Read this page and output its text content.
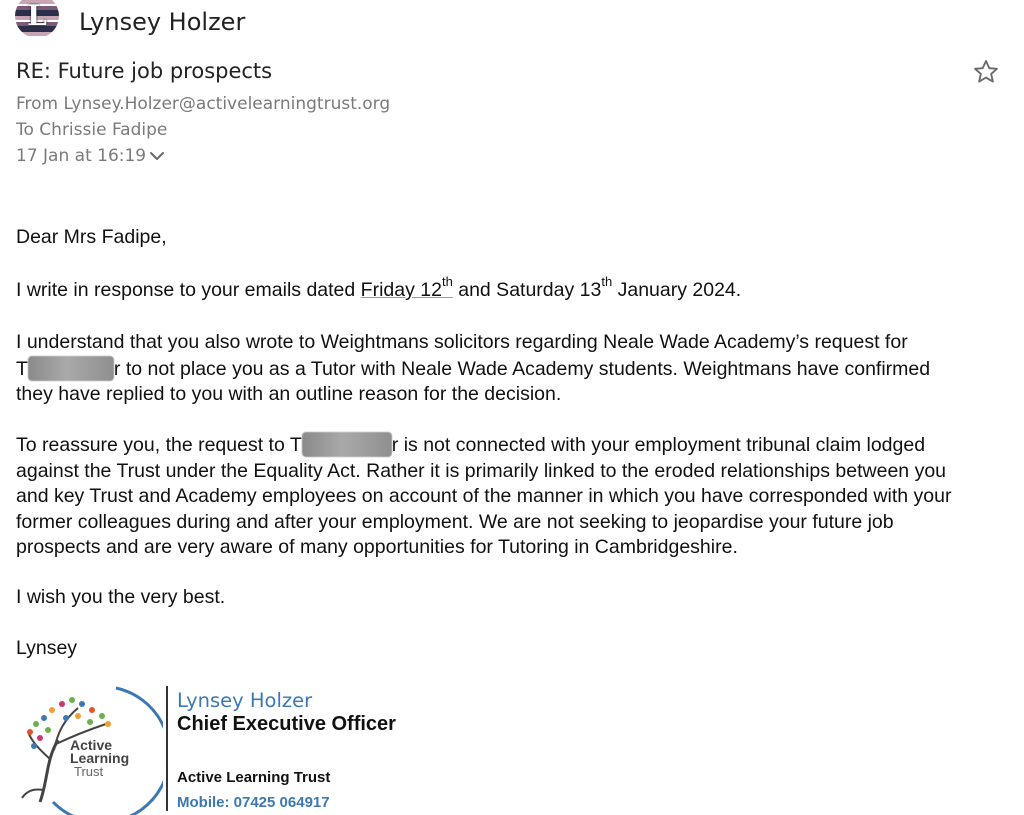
L Lynsey Holzer
RE: Future job prospects
From Lynsey.Holzer@activelearningtrust.org
To Chrissie Fadipe
17 Jan at 16:19
Dear Mrs Fadipe,
I write in response to your emails dated Friday 12th and Saturday 13th January 2024.
I understand that you also wrote to Weightmans solicitors regarding Neale Wade Academy’s request for
T	r to not place you as a Tutor with Neale Wade Academy students. Weightmans have confirmed
they have replied to you with an outline reason for the decision.
To reassure you, the request to T	r is not connected with your employment tribunal claim lodged
against the Trust under the Equality Act. Rather it is primarily linked to the eroded relationships between you
and key Trust and Academy employees on account of the manner in which you have corresponded with your
former colleagues during and after your employment. We are not seeking to jeopardise your future job
prospects and are very aware of many opportunities for Tutoring in Cambridgeshire.
I wish you the very best.
Lynsey
Active
Learning
Trust
Lynsey Holzer
Chief Executive Officer
Active Learning Trust
Mobile: 07425 064917
